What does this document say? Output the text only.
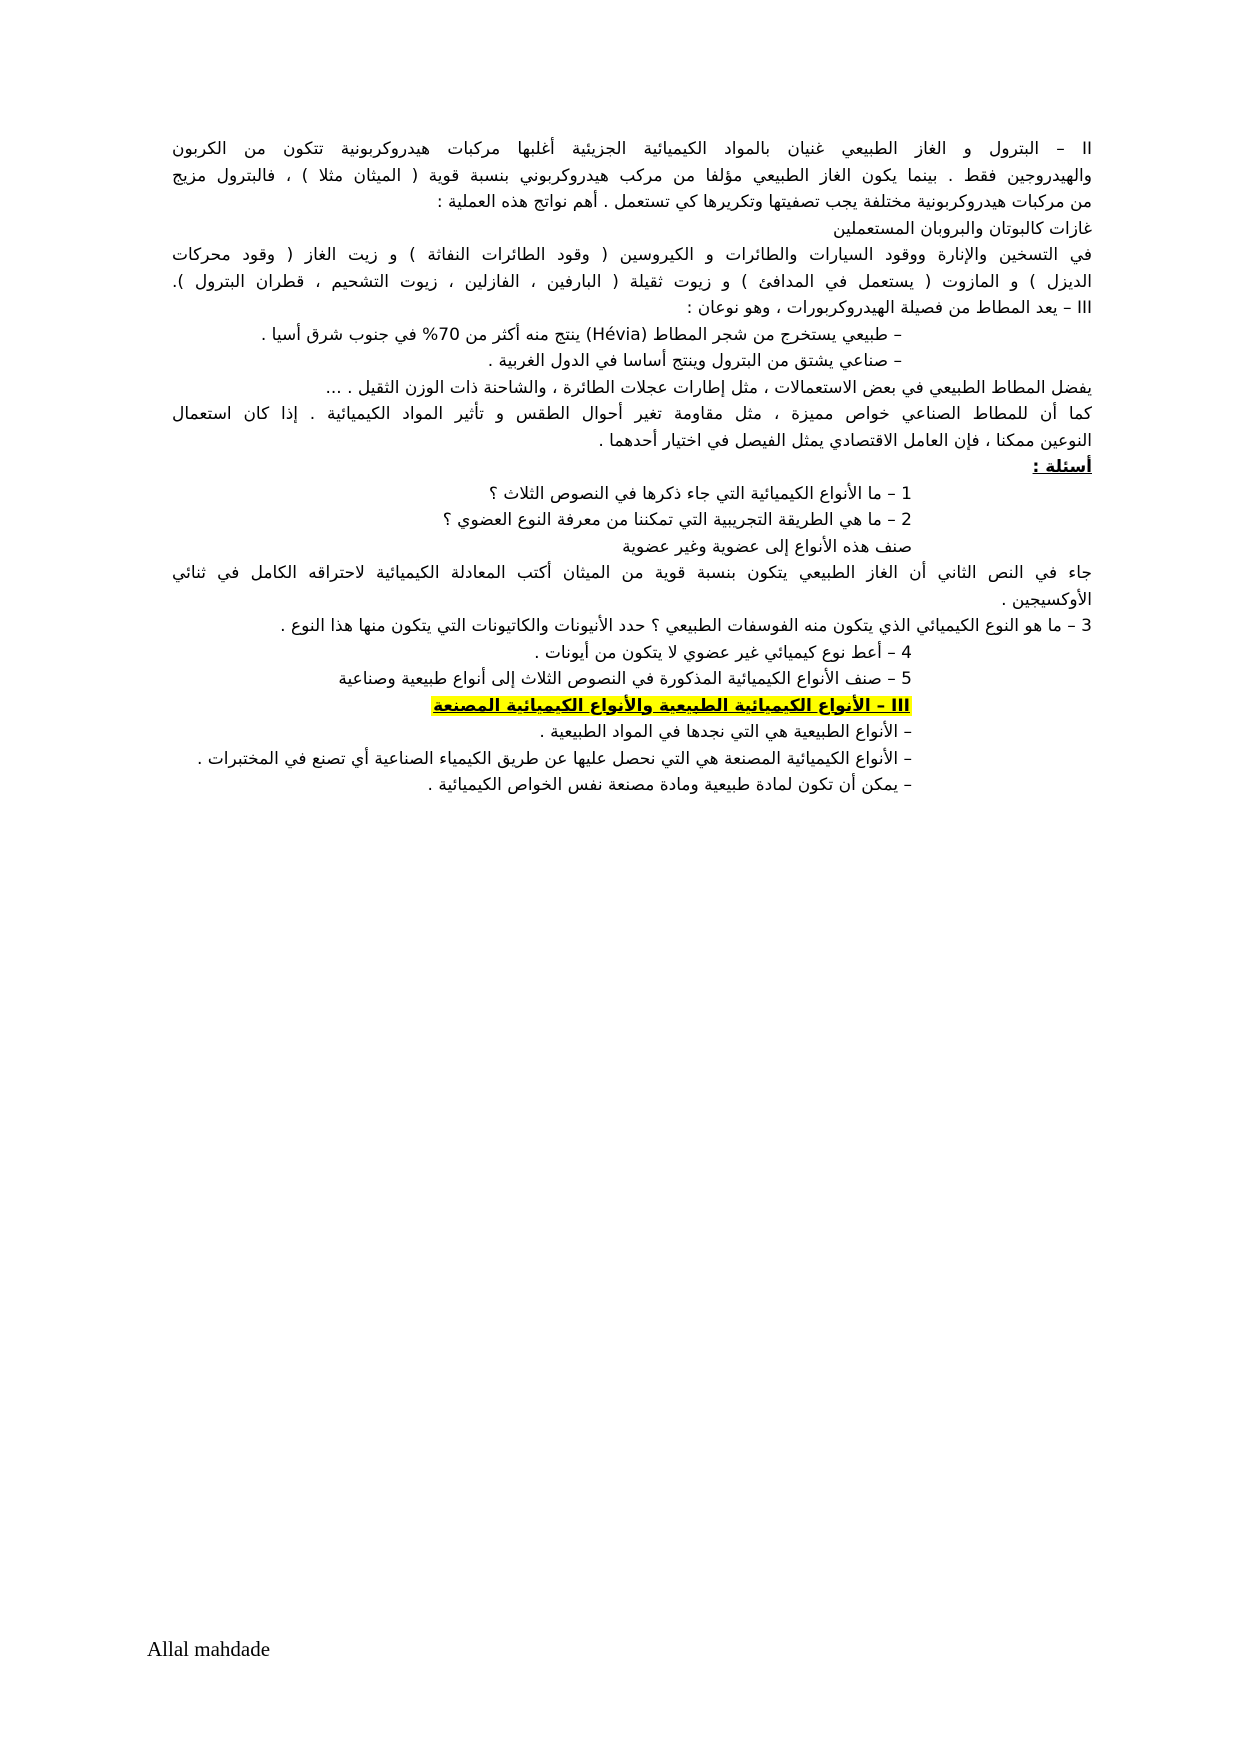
II – البترول و الغاز الطبيعي غنيان بالمواد الكيميائية الجزيئية أغلبها مركبات هيدروكربونية تتكون من الكربون
والهيدروجين فقط . بينما يكون الغاز الطبيعي مؤلفا من مركب هيدروكربوني بنسبة قوية ( الميثان مثلا ) ، فالبترول مزيج
من مركبات هيدروكربونية مختلفة يجب تصفيتها وتكريرها كي تستعمل . أهم نواتج هذه العملية :
غازات كالبوتان والبروبان المستعملين
في التسخين والإنارة ووقود السيارات والطائرات و الكيروسين ( وقود الطائرات النفاثة ) و زيت الغاز ( وقود محركات
الديزل ) و المازوت ( يستعمل في المدافئ ) و زيوت ثقيلة ( البارفين ، الفازلين ، زيوت التشحيم ، قطران البترول ).
III – يعد المطاط من فصيلة الهيدروكربورات ، وهو نوعان :
– طبيعي يستخرج من شجر المطاط (Hévia) ينتج منه أكثر من 70% في جنوب شرق أسيا .
– صناعي يشتق من البترول وينتج أساسا في الدول الغربية .
يفضل المطاط الطبيعي في بعض الاستعمالات ، مثل إطارات عجلات الطائرة ، والشاحنة ذات الوزن الثقيل . ...
كما أن للمطاط الصناعي خواص مميزة ، مثل مقاومة تغير أحوال الطقس و تأثير المواد الكيميائية . إذا كان استعمال
النوعين ممكنا ، فإن العامل الاقتصادي يمثل الفيصل في اختيار أحدهما .
أسئلة :
1 – ما الأنواع الكيميائية التي جاء ذكرها في النصوص الثلاث ؟
2 – ما هي الطريقة التجريبية التي تمكننا من معرفة النوع العضوي ؟
صنف هذه الأنواع إلى عضوية وغير عضوية
جاء في النص الثاني أن الغاز الطبيعي يتكون بنسبة قوية من الميثان أكتب المعادلة الكيميائية لاحتراقه الكامل في ثنائي
الأوكسيجين .
3 – ما هو النوع الكيميائي الذي يتكون منه الفوسفات الطبيعي ؟ حدد الأنيونات والكاتيونات التي يتكون منها هذا النوع .
4 – أعط نوع كيميائي غير عضوي لا يتكون من أيونات .
5 – صنف الأنواع الكيميائية المذكورة في النصوص الثلاث إلى أنواع طبيعية وصناعية
III – الأنواع الكيميائية الطبيعية والأنواع الكيميائية المصنعة
– الأنواع الطبيعية هي التي نجدها في المواد الطبيعية .
– الأنواع الكيميائية المصنعة هي التي نحصل عليها عن طريق الكيمياء الصناعية أي تصنع في المختبرات .
– يمكن أن تكون لمادة طبيعية ومادة مصنعة نفس الخواص الكيميائية .
Allal mahdade
